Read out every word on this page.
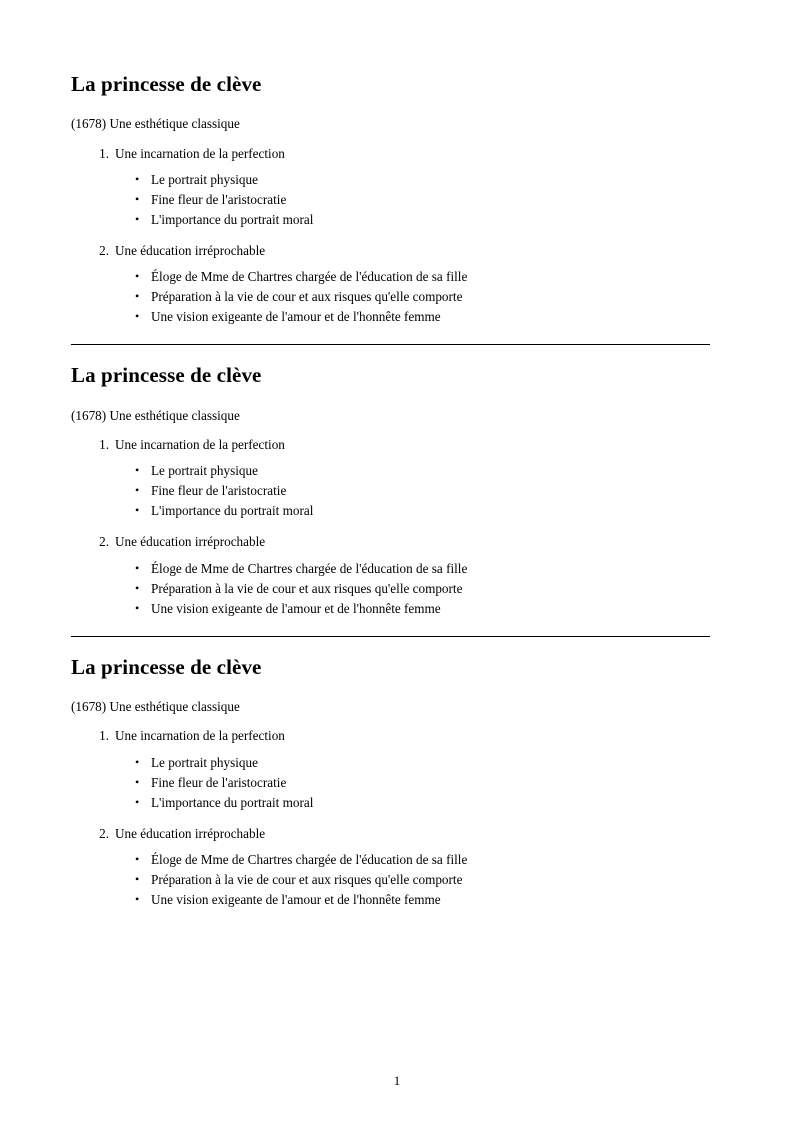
La princesse de clève

(1678) Une esthétique classique

1. Une incarnation de la perfection
• Le portrait physique
• Fine fleur de l'aristocratie
• L'importance du portrait moral
2. Une éducation irréprochable
• Éloge de Mme de Chartres chargée de l'éducation de sa fille
• Préparation à la vie de cour et aux risques qu'elle comporte
• Une vision exigeante de l'amour et de l'honnête femme
La princesse de clève

(1678) Une esthétique classique

1. Une incarnation de la perfection
• Le portrait physique
• Fine fleur de l'aristocratie
• L'importance du portrait moral
2. Une éducation irréprochable
• Éloge de Mme de Chartres chargée de l'éducation de sa fille
• Préparation à la vie de cour et aux risques qu'elle comporte
• Une vision exigeante de l'amour et de l'honnête femme
La princesse de clève

(1678) Une esthétique classique

1. Une incarnation de la perfection
• Le portrait physique
• Fine fleur de l'aristocratie
• L'importance du portrait moral
2. Une éducation irréprochable
• Éloge de Mme de Chartres chargée de l'éducation de sa fille
• Préparation à la vie de cour et aux risques qu'elle comporte
• Une vision exigeante de l'amour et de l'honnête femme
1
